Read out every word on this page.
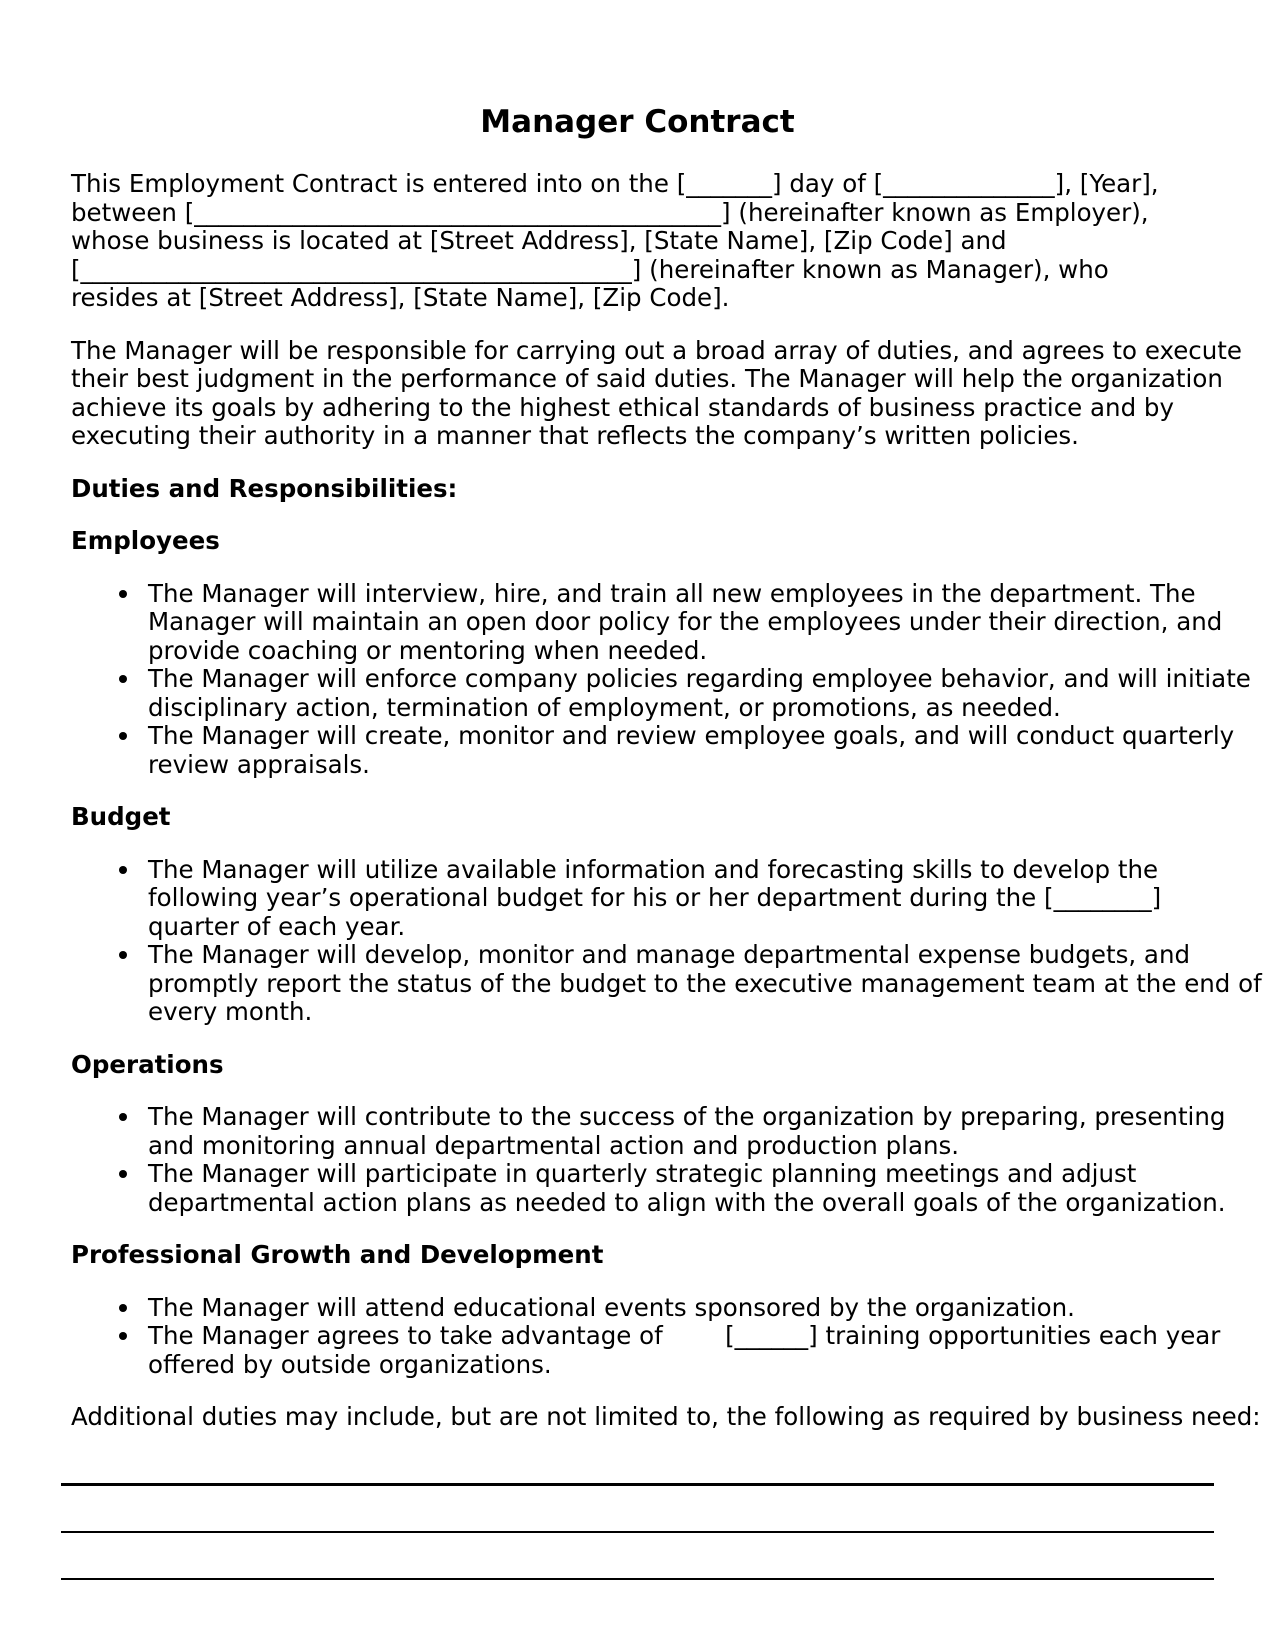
Manager Contract
This Employment Contract is entered into on the [_______] day of [______________], [Year],
between [___________________________________________] (hereinafter known as Employer),
whose business is located at [Street Address], [State Name], [Zip Code] and
[_____________________________________________] (hereinafter known as Manager), who
resides at [Street Address], [State Name], [Zip Code].
The Manager will be responsible for carrying out a broad array of duties, and agrees to execute
their best judgment in the performance of said duties. The Manager will help the organization
achieve its goals by adhering to the highest ethical standards of business practice and by
executing their authority in a manner that reflects the company’s written policies.
Duties and Responsibilities:
Employees
The Manager will interview, hire, and train all new employees in the department. The
Manager will maintain an open door policy for the employees under their direction, and
provide coaching or mentoring when needed.
The Manager will enforce company policies regarding employee behavior, and will initiate
disciplinary action, termination of employment, or promotions, as needed.
The Manager will create, monitor and review employee goals, and will conduct quarterly
review appraisals.
Budget
The Manager will utilize available information and forecasting skills to develop the
following year’s operational budget for his or her department during the [________]
quarter of each year.
The Manager will develop, monitor and manage departmental expense budgets, and
promptly report the status of the budget to the executive management team at the end of
every month.
Operations
The Manager will contribute to the success of the organization by preparing, presenting
and monitoring annual departmental action and production plans.
The Manager will participate in quarterly strategic planning meetings and adjust
departmental action plans as needed to align with the overall goals of the organization.
Professional Growth and Development
The Manager will attend educational events sponsored by the organization.
The Manager agrees to take advantage of        [______] training opportunities each year
offered by outside organizations.
Additional duties may include, but are not limited to, the following as required by business need:
